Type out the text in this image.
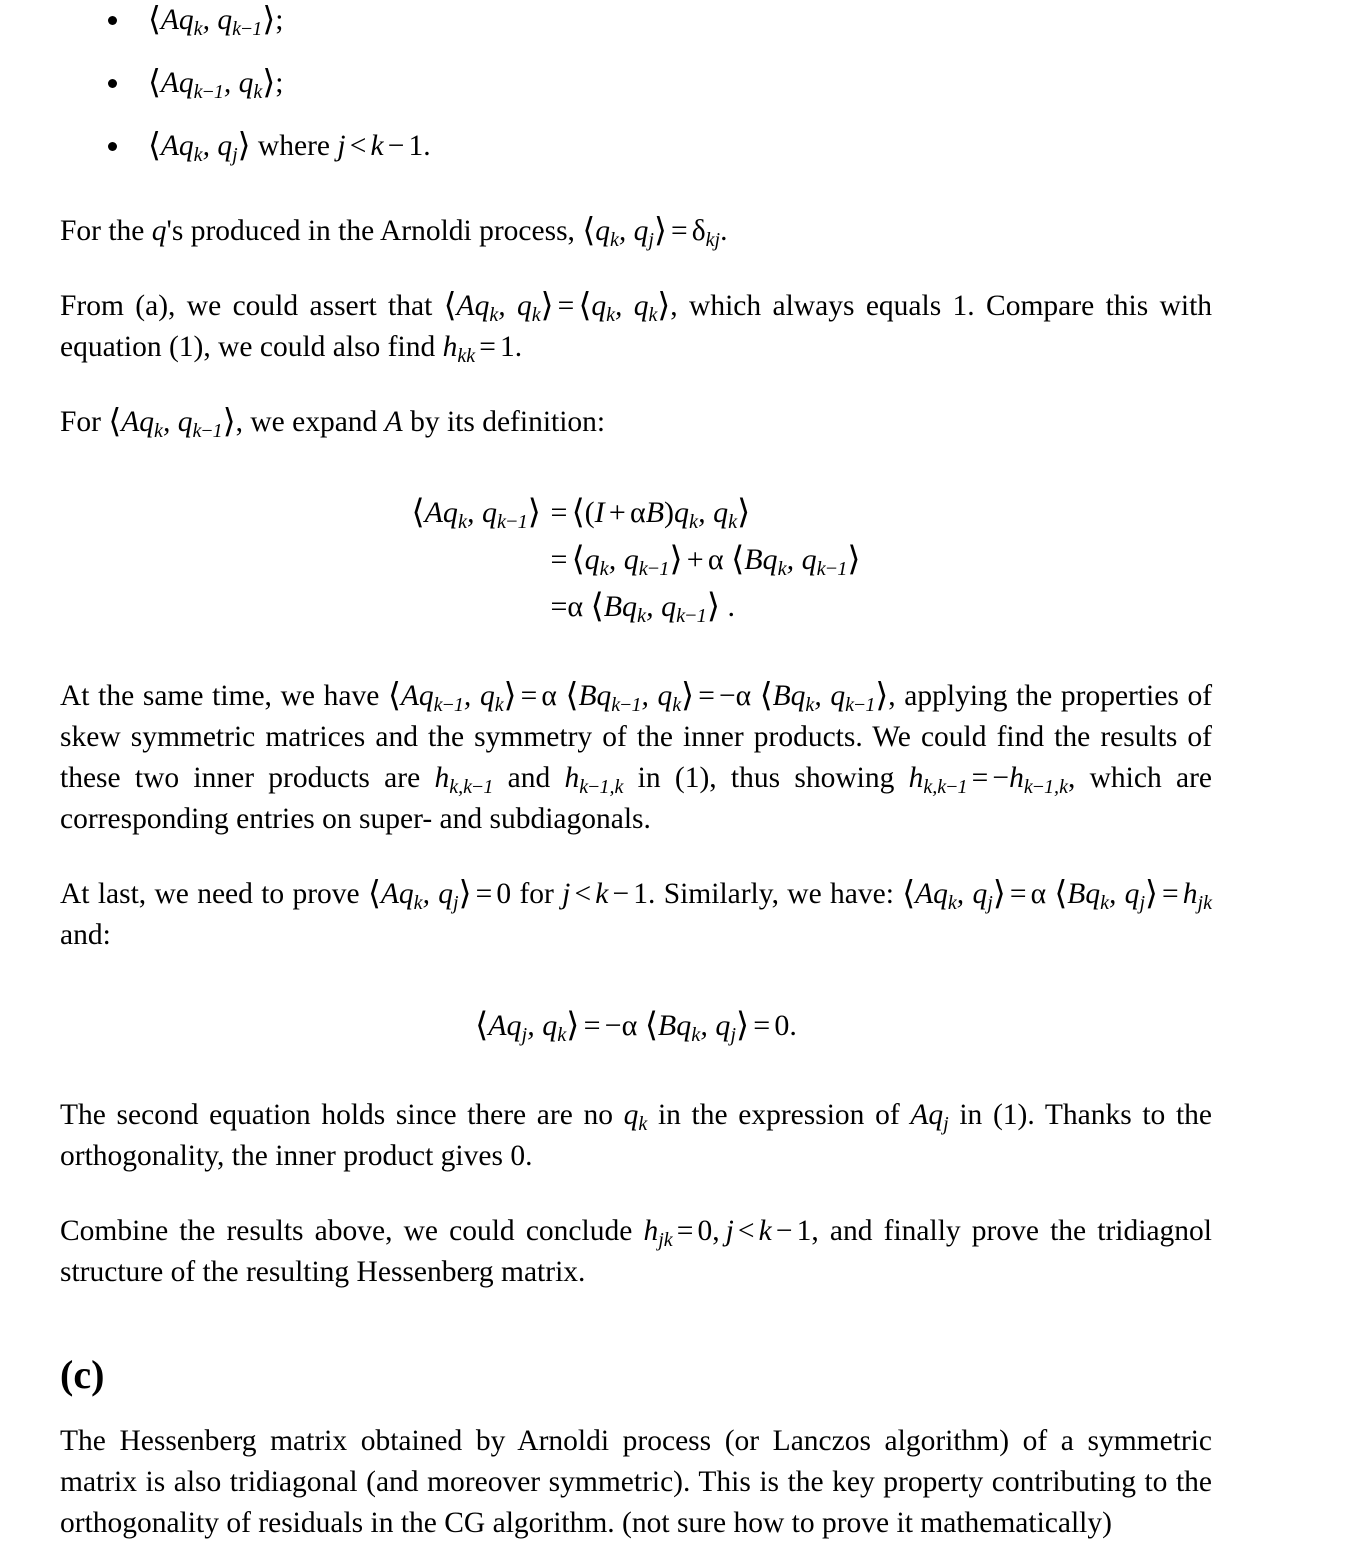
$⟨Aq_k$, $q_{k-1}⟩$;
$⟨Aq_{k-1}$, $q_k⟩$;
$⟨Aq_k$, $q_j⟩$ where j < k − 1.

For the q's produced in the Arnoldi process, $⟨q_k$, $q_j⟩ = \delta_{kj}$.

From (a), we could assert that $⟨Aq_k$, $q_k⟩$ = $⟨q_k$, $q_k⟩$, which always equals 1. Compare this with equation (1), we could also find $h_{kk} = 1$.

For $⟨Aq_k$, $q_{k-1}⟩$, we expand A by its definition:

$⟨Aq_k$, $q_{k-1}⟩$	= ⟨(I + $\alpha B)q_k$, $q_k⟩$
	= $⟨q_k$, $q_{k-1}⟩ + \alpha$ $⟨Bq_k$, $q_{k-1}⟩$
	=α $⟨Bq_k$, $q_{k-1}⟩$ .

At the same time, we have $⟨Aq_{k-1}$, $q_k⟩ = \alpha$ $⟨Bq_{k-1}$, $q_k⟩ = -\alpha$ $⟨Bq_k$, $q_{k-1}⟩$, applying the properties of skew symmetric matrices and the symmetry of the inner products. We could find the results of these two inner products are $h_{k,k-1}$ and $h_{k-1,k}$ in (1), thus showing $h_{k,k-1} = -h_{k-1,k}$, which are corresponding entries on super- and subdiagonals.

At last, we need to prove $⟨Aq_k$, $q_j⟩ = 0$ for j < k − 1. Similarly, we have: $⟨Aq_k$, $q_j⟩ = \alpha$ $⟨Bq_k$, $q_j⟩ = h_{jk}$ and:

$⟨Aq_j$, $q_k⟩ = -\alpha$ $⟨Bq_k$, $q_j⟩ = 0$.

The second equation holds since there are no $q_k$ in the expression of $Aq_j$ in (1). Thanks to the orthogonality, the inner product gives 0.

Combine the results above, we could conclude $h_{jk} = 0$, j < k − 1, and finally prove the tridiagnol structure of the resulting Hessenberg matrix.

(c)

The Hessenberg matrix obtained by Arnoldi process (or Lanczos algorithm) of a symmetric matrix is also tridiagonal (and moreover symmetric). This is the key property contributing to the orthogonality of residuals in the CG algorithm. (not sure how to prove it mathematically)
